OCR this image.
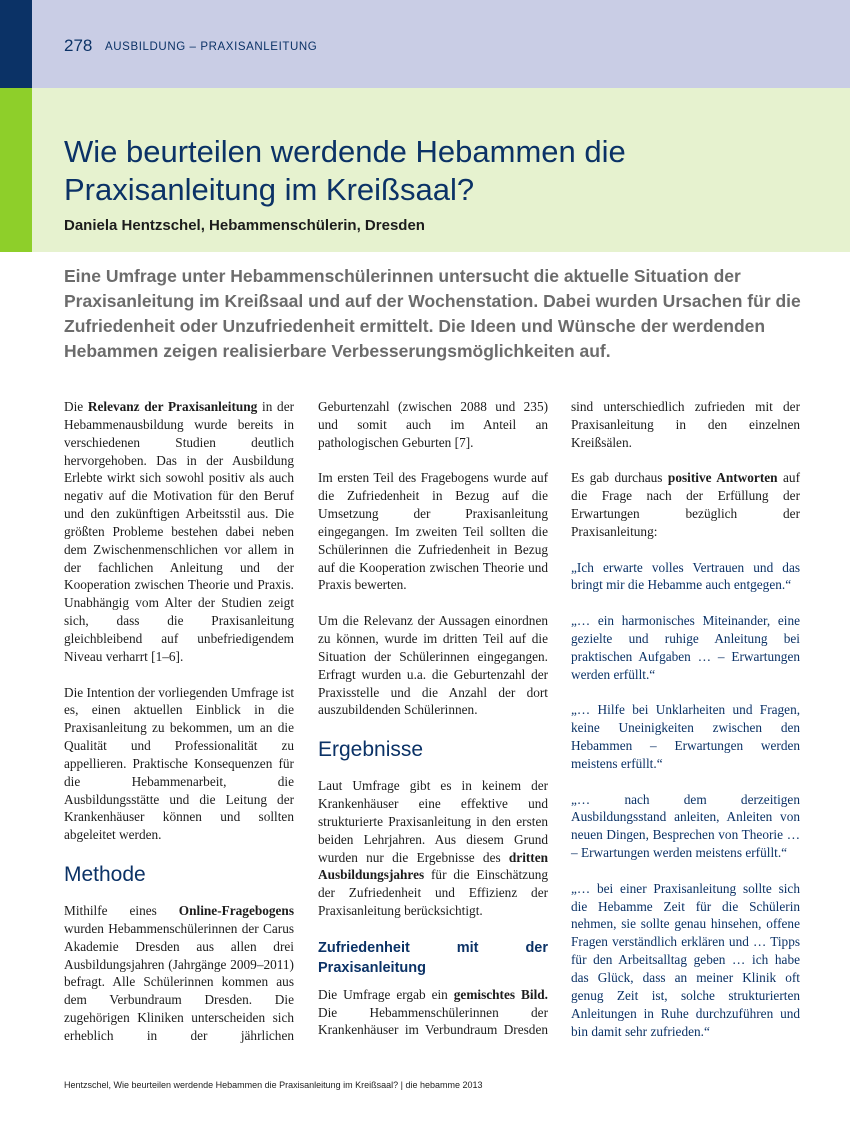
278 AUSBILDUNG – PRAXISANLEITUNG
Wie beurteilen werdende Hebammen die Praxisanleitung im Kreißsaal?
Daniela Hentzschel, Hebammenschülerin, Dresden
Eine Umfrage unter Hebammenschülerinnen untersucht die aktuelle Situation der Praxisanleitung im Kreißsaal und auf der Wochenstation. Dabei wurden Ursachen für die Zufriedenheit oder Unzufriedenheit ermittelt. Die Ideen und Wünsche der werdenden Hebammen zeigen realisierbare Verbesserungsmöglichkeiten auf.
Die Relevanz der Praxisanleitung in der
Hebammenausbildung wurde bereits in
verschiedenen	Studien	deutlich
hervorgehoben. Das in der Ausbildung
Erlebte wirkt sich sowohl positiv als auch
negativ auf die Motivation für den Beruf
und den zukünftigen Arbeitsstil aus. Die
größten Probleme bestehen dabei neben
dem Zwischenmenschlichen vor allem in
der fachlichen Anleitung und der
Kooperation zwischen Theorie und Praxis.
Unabhängig vom Alter der Studien zeigt
sich, dass die Praxisanleitung
gleichbleibend auf unbefriedigendem
Niveau verharrt [1–6].
Die Intention der vorliegenden Umfrage ist
es, einen aktuellen Einblick in die
Praxisanleitung zu bekommen, um an die
Qualität und Professionalität zu
appellieren. Praktische Konsequenzen für
die	Hebammenarbeit,	die
Ausbildungsstätte und die Leitung der
Krankenhäuser können und sollten
abgeleitet werden.
Methode
Mithilfe eines Online-Fragebogens
wurden Hebammenschülerinnen der Carus
Akademie Dresden aus allen drei
Ausbildungsjahren (Jahrgänge 2009–2011)
befragt. Alle Schülerinnen kommen aus
dem Verbundraum Dresden. Die
zugehörigen Kliniken unterscheiden sich
erheblich	in	der	jährlichen
Geburtenzahl (zwischen 2088 und 235)
und somit auch im Anteil an
pathologischen Geburten [7].
Im ersten Teil des Fragebogens wurde auf
die Zufriedenheit in Bezug auf die
Umsetzung	der	Praxisanleitung
eingegangen. Im zweiten Teil sollten die
Schülerinnen die Zufriedenheit in Bezug
auf die Kooperation zwischen Theorie und
Praxis bewerten.
Um die Relevanz der Aussagen einordnen
zu können, wurde im dritten Teil auf die
Situation der Schülerinnen eingegangen.
Erfragt wurden u.a. die Geburtenzahl der
Praxisstelle und die Anzahl der dort
auszubildenden Schülerinnen.
Ergebnisse
Laut Umfrage gibt es in keinem der
Krankenhäuser eine effektive und
strukturierte Praxisanleitung in den ersten
beiden Lehrjahren. Aus diesem Grund
wurden nur die Ergebnisse des dritten
Ausbildungsjahres für die Einschätzung
der Zufriedenheit und Effizienz der
Praxisanleitung berücksichtigt.
Zufriedenheit	mit	der
Praxisanleitung
Die Umfrage ergab ein gemischtes Bild.
Die Hebammenschülerinnen der
Krankenhäuser im Verbundraum Dresden
sind unterschiedlich zufrieden mit der
Praxisanleitung in den einzelnen
Kreißsälen.
Es gab durchaus positive Antworten auf
die Frage nach der Erfüllung der
Erwartungen	bezüglich	der
Praxisanleitung:
„Ich erwarte volles Vertrauen und das
bringt mir die Hebamme auch entgegen.“
„… ein harmonisches Miteinander, eine
gezielte und ruhige Anleitung bei
praktischen Aufgaben … – Erwartungen
werden erfüllt.“
„… Hilfe bei Unklarheiten und Fragen,
keine Uneinigkeiten zwischen den
Hebammen – Erwartungen werden
meistens erfüllt.“
„…	nach	dem	derzeitigen
Ausbildungsstand anleiten, Anleiten von
neuen Dingen, Besprechen von Theorie …
– Erwartungen werden meistens erfüllt.“
„… bei einer Praxisanleitung sollte sich
die Hebamme Zeit für die Schülerin
nehmen, sie sollte genau hinsehen, offene
Fragen verständlich erklären und … Tipps
für den Arbeitsalltag geben … ich habe
das Glück, dass an meiner Klinik oft
genug Zeit ist, solche strukturierten
Anleitungen in Ruhe durchzuführen und
bin damit sehr zufrieden.“
Hentzschel, Wie beurteilen werdende Hebammen die Praxisanleitung im Kreißsaal? | die hebamme 2013
